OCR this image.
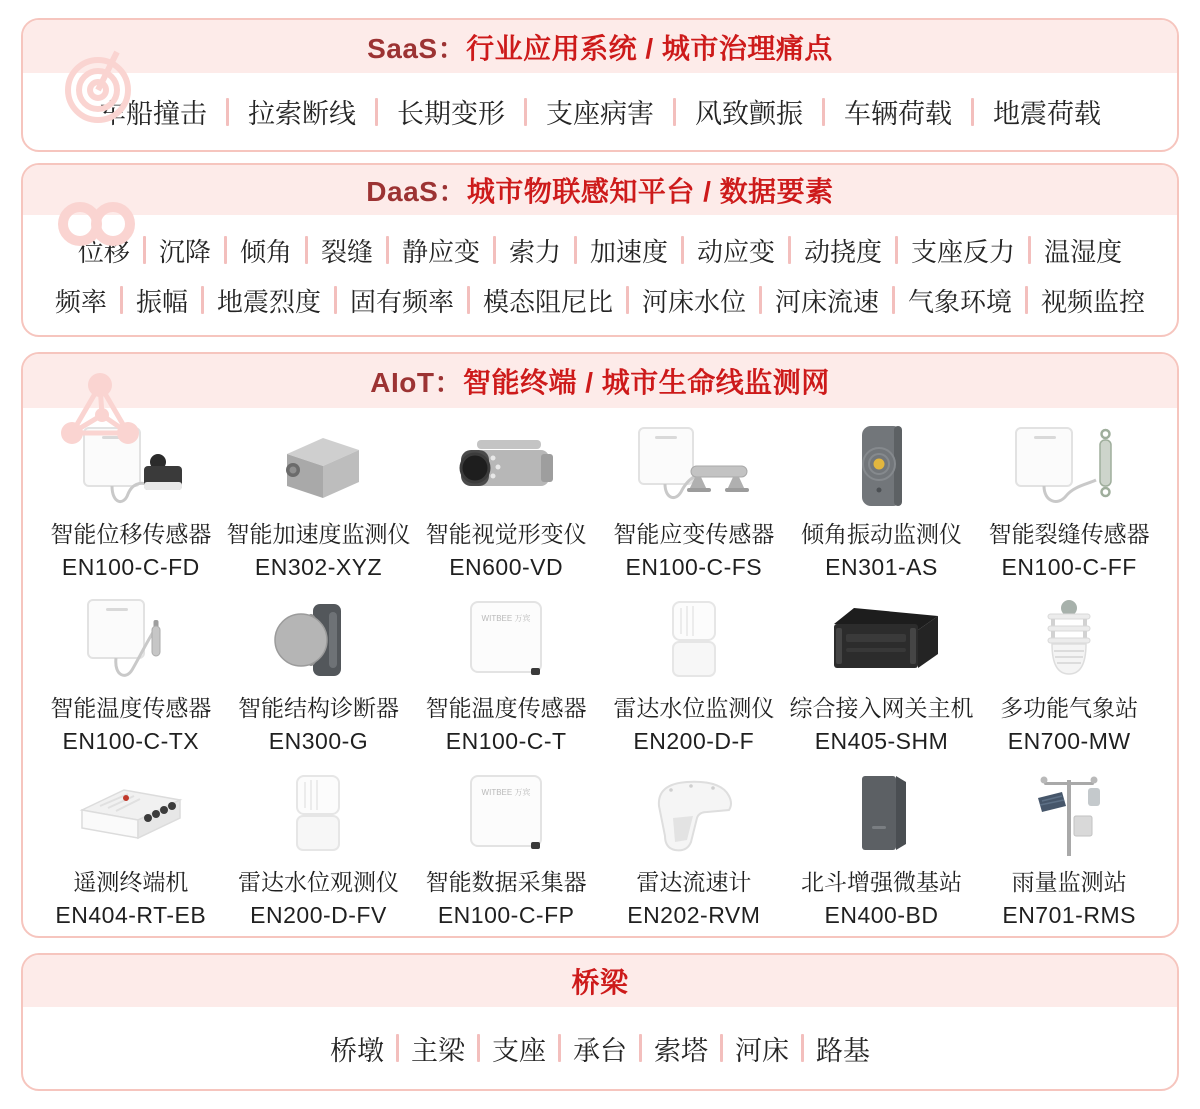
SaaS：行业应用系统 / 城市治理痛点
车船撞击 拉索断线 长期变形 支座病害 风致颤振 车辆荷载 地震荷载
DaaS：城市物联感知平台 / 数据要素
位移 沉降 倾角 裂缝 静应变 索力 加速度 动应变 动挠度 支座反力 温湿度
频率 振幅 地震烈度 固有频率 模态阻尼比 河床水位 河床流速 气象环境 视频监控
AIoT：智能终端 / 城市生命线监测网
智能位移传感器
EN100-C-FD
智能加速度监测仪
EN302-XYZ
智能视觉形变仪
EN600-VD
智能应变传感器
EN100-C-FS
倾角振动监测仪
EN301-AS
智能裂缝传感器
EN100-C-FF
智能温度传感器
EN100-C-TX
智能结构诊断器
EN300-G
WITBEE 万宾
智能温度传感器
EN100-C-T
雷达水位监测仪
EN200-D-F
综合接入网关主机
EN405-SHM
多功能气象站
EN700-MW
遥测终端机
EN404-RT-EB
雷达水位观测仪
EN200-D-FV
WITBEE 万宾
智能数据采集器
EN100-C-FP
雷达流速计
EN202-RVM
北斗增强微基站
EN400-BD
雨量监测站
EN701-RMS
桥梁
桥墩 主梁 支座 承台 索塔 河床 路基
